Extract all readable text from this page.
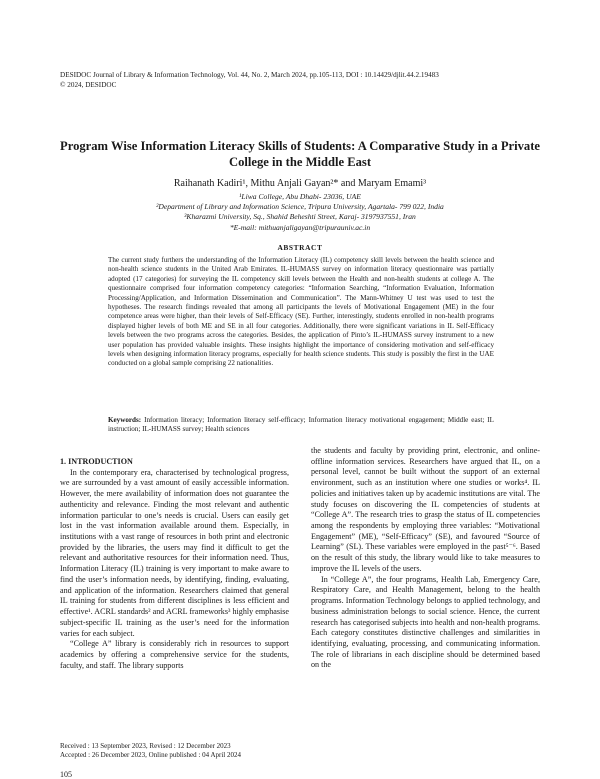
DESIDOC Journal of Library & Information Technology, Vol. 44, No. 2, March 2024, pp.105-113, DOI : 10.14429/djlit.44.2.19483
© 2024, DESIDOC
Program Wise Information Literacy Skills of Students: A Comparative Study in a Private College in the Middle East
Raihanath Kadiri¹, Mithu Anjali Gayan²* and Maryam Emami³
¹Liwa College, Abu Dhabi- 23036, UAE
²Department of Library and Information Science, Tripura University, Agartala- 799 022, India
³Kharazmi University, Sq., Shahid Beheshti Street, Karaj- 3197937551, Iran
*E-mail: mithuanjaligayan@tripurauniv.ac.in
ABSTRACT
The current study furthers the understanding of the Information Literacy (IL) competency skill levels between the health science and non-health science students in the United Arab Emirates. IL-HUMASS survey on information literacy questionnaire was partially adopted (17 categories) for surveying the IL competency skill levels between the Health and non-health students at college A. The questionnaire comprised four information competency categories: “Information Searching, “Information Evaluation, Information Processing/Application, and Information Dissemination and Communication”. The Mann-Whitney U test was used to test the hypotheses. The research findings revealed that among all participants the levels of Motivational Engagement (ME) in the four competence areas were higher, than their levels of Self-Efficacy (SE). Further, interestingly, students enrolled in non-health programs displayed higher levels of both ME and SE in all four categories. Additionally, there were significant variations in IL Self-Efficacy levels between the two programs across the categories. Besides, the application of Pinto’s IL-HUMASS survey instrument to a new user population has provided valuable insights. These insights highlight the importance of considering motivation and self-efficacy levels when designing information literacy programs, especially for health science students. This study is possibly the first in the UAE conducted on a global sample comprising 22 nationalities.
Keywords: Information literacy; Information literacy self-efficacy; Information literacy motivational engagement; Middle east; IL instruction; IL-HUMASS survey; Health sciences
1. INTRODUCTION
In the contemporary era, characterised by technological progress, we are surrounded by a vast amount of easily accessible information. However, the mere availability of information does not guarantee the authenticity and relevance. Finding the most relevant and authentic information particular to one’s needs is crucial. Users can easily get lost in the vast information available around them. Especially, in institutions with a vast range of resources in both print and electronic provided by the libraries, the users may find it difficult to get the relevant and authoritative resources for their information need. Thus, Information Literacy (IL) training is very important to make aware to find the user’s information needs, by identifying, finding, evaluating, and application of the information. Researchers claimed that general IL training for students from different disciplines is less efficient and effective¹. ACRL standards² and ACRL frameworks³ highly emphasise subject-specific IL training as the user’s need for the information varies for each subject.
“College A” library is considerably rich in resources to support academics by offering a comprehensive service for the students, faculty, and staff. The library supports
the students and faculty by providing print, electronic, and online-offline information services. Researchers have argued that IL, on a personal level, cannot be built without the support of an external environment, such as an institution where one studies or works⁴. IL policies and initiatives taken up by academic institutions are vital. The study focuses on discovering the IL competencies of students at “College A”. The research tries to grasp the status of IL competencies among the respondents by employing three variables: “Motivational Engagement” (ME), “Self-Efficacy” (SE), and favoured “Source of Learning” (SL). These variables were employed in the past⁵⁻⁶. Based on the result of this study, the library would like to take measures to improve the IL levels of the users.
In “College A”, the four programs, Health Lab, Emergency Care, Respiratory Care, and Health Management, belong to the health programs. Information Technology belongs to applied technology, and business administration belongs to social science. Hence, the current research has categorised subjects into health and non-health programs. Each category constitutes distinctive challenges and similarities in identifying, evaluating, processing, and communicating information. The role of librarians in each discipline should be determined based on the
Received : 13 September 2023, Revised : 12 December 2023
Accepted : 26 December 2023, Online published : 04 April 2024
105
